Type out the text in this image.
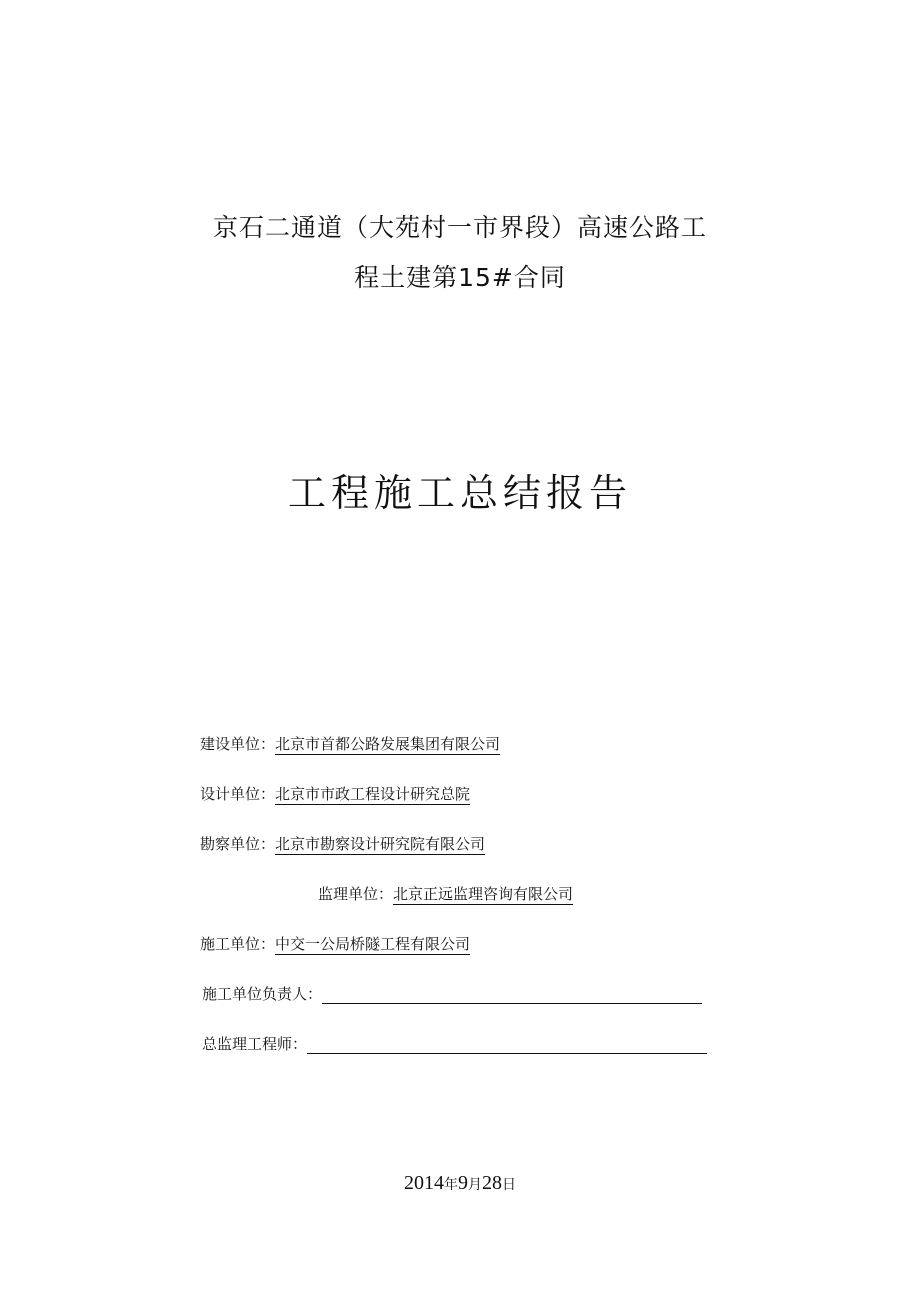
京石二通道（大苑村一市界段）高速公路工
程土建第15#合同
工程施工总结报告
建设单位：北京市首都公路发展集团有限公司
设计单位：北京市市政工程设计研究总院
勘察单位：北京市勘察设计研究院有限公司
监理单位：北京正远监理咨询有限公司
施工单位：中交一公局桥隧工程有限公司
施工单位负责人：
总监理工程师：
2014年9月28日
